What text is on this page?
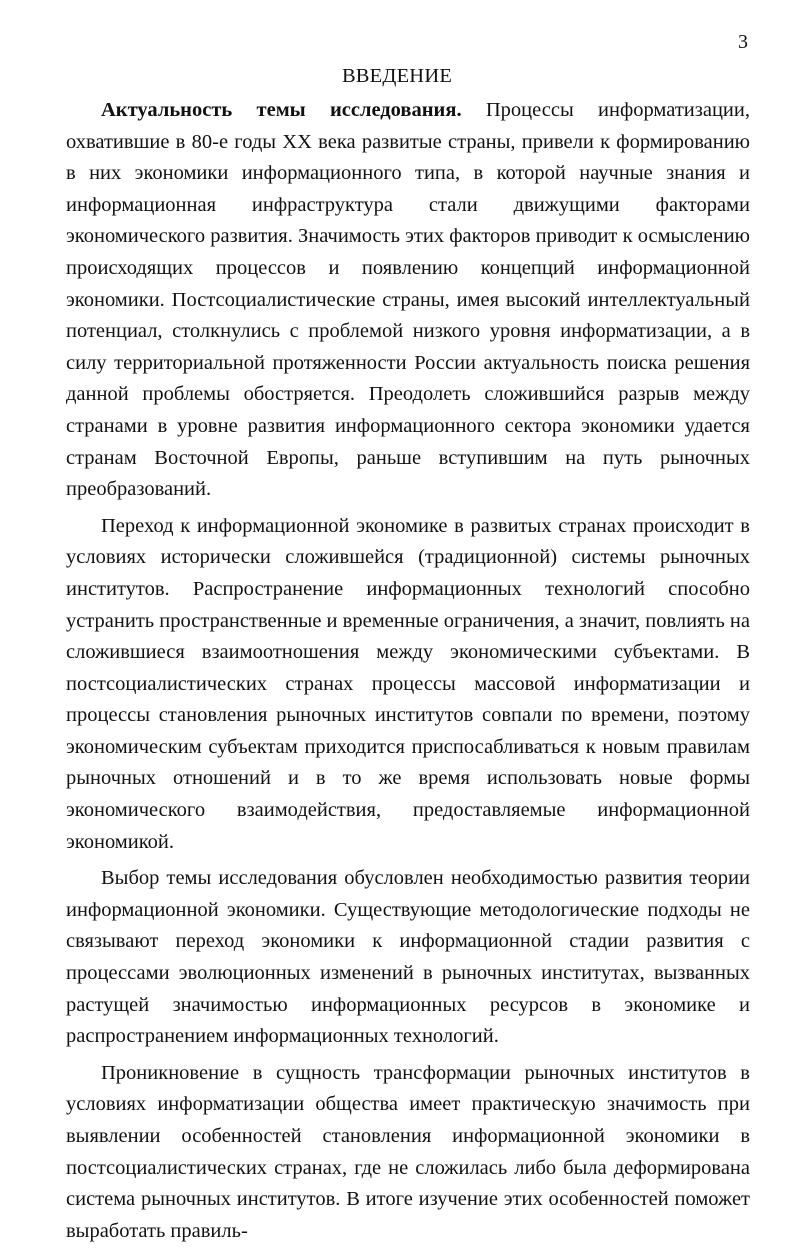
3
ВВЕДЕНИЕ

Актуальность темы исследования. Процессы информатизации, охватившие в 80-е годы XX века развитые страны, привели к формированию в них экономики информационного типа, в которой научные знания и информационная инфраструктура стали движущими факторами экономического развития. Значимость этих факторов приводит к осмыслению происходящих процессов и появлению концепций информационной экономики. Постсоциалистические страны, имея высокий интеллектуальный потенциал, столкнулись с проблемой низкого уровня информатизации, а в силу территориальной протяженности России актуальность поиска решения данной проблемы обостряется. Преодолеть сложившийся разрыв между странами в уровне развития информационного сектора экономики удается странам Восточной Европы, раньше вступившим на путь рыночных преобразований.

Переход к информационной экономике в развитых странах происходит в условиях исторически сложившейся (традиционной) системы рыночных институтов. Распространение информационных технологий способно устранить пространственные и временные ограничения, а значит, повлиять на сложившиеся взаимоотношения между экономическими субъектами. В постсоциалистических странах процессы массовой информатизации и процессы становления рыночных институтов совпали по времени, поэтому экономическим субъектам приходится приспосабливаться к новым правилам рыночных отношений и в то же время использовать новые формы экономического взаимодействия, предоставляемые информационной экономикой.

Выбор темы исследования обусловлен необходимостью развития теории информационной экономики. Существующие методологические подходы не связывают переход экономики к информационной стадии развития с процессами эволюционных изменений в рыночных институтах, вызванных растущей значимостью информационных ресурсов в экономике и распространением информационных технологий.

Проникновение в сущность трансформации рыночных институтов в условиях информатизации общества имеет практическую значимость при выявлении особенностей становления информационной экономики в постсоциалистических странах, где не сложилась либо была деформирована система рыночных институтов. В итоге изучение этих особенностей поможет выработать правиль-
